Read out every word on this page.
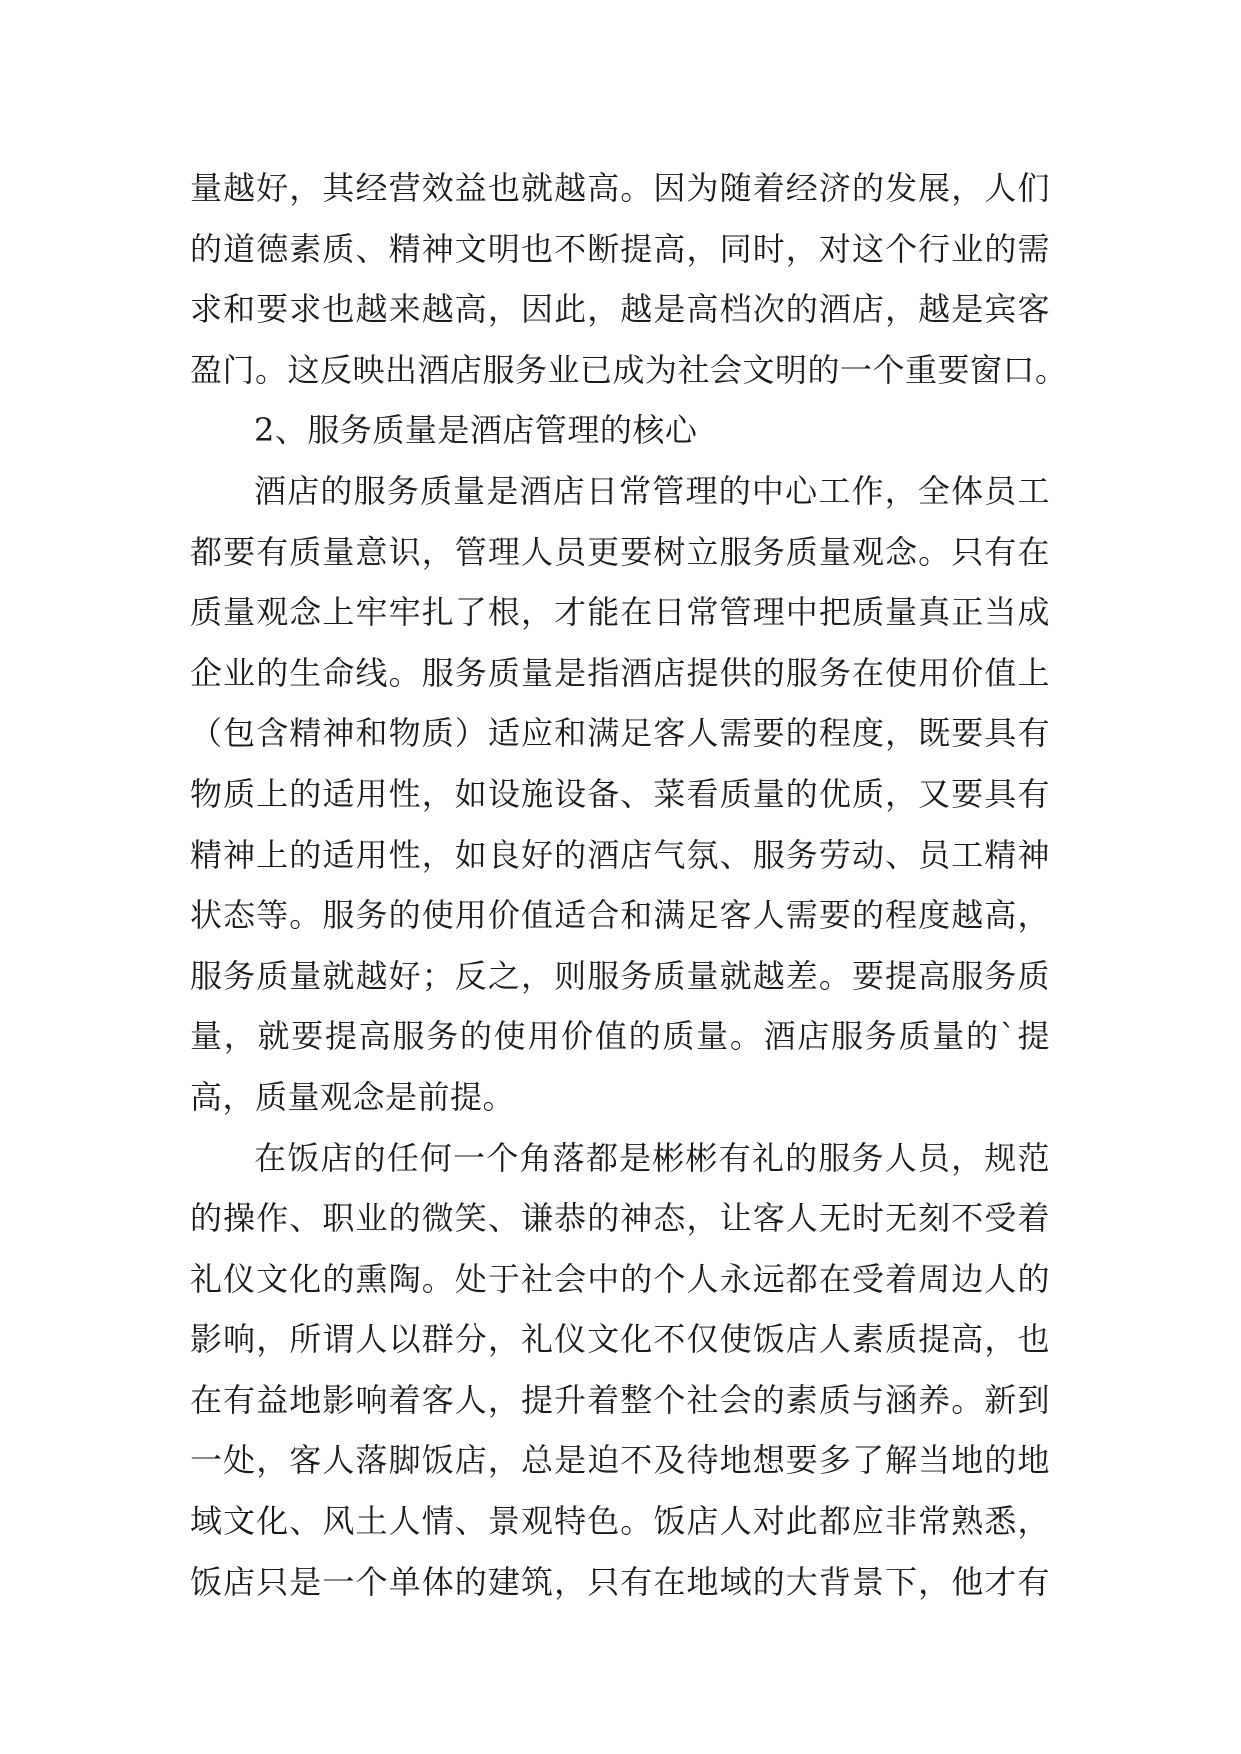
量越好，其经营效益也就越高。因为随着经济的发展，人们
的道德素质、精神文明也不断提高，同时，对这个行业的需
求和要求也越来越高，因此，越是高档次的酒店，越是宾客
盈门。这反映出酒店服务业已成为社会文明的一个重要窗口。
2、服务质量是酒店管理的核心
酒店的服务质量是酒店日常管理的中心工作，全体员工
都要有质量意识，管理人员更要树立服务质量观念。只有在
质量观念上牢牢扎了根，才能在日常管理中把质量真正当成
企业的生命线。服务质量是指酒店提供的服务在使用价值上
（包含精神和物质）适应和满足客人需要的程度，既要具有
物质上的适用性，如设施设备、菜看质量的优质，又要具有
精神上的适用性，如良好的酒店气氛、服务劳动、员工精神
状态等。服务的使用价值适合和满足客人需要的程度越高，
服务质量就越好；反之，则服务质量就越差。要提高服务质
量，就要提高服务的使用价值的质量。酒店服务质量的`提
高，质量观念是前提。
在饭店的任何一个角落都是彬彬有礼的服务人员，规范
的操作、职业的微笑、谦恭的神态，让客人无时无刻不受着
礼仪文化的熏陶。处于社会中的个人永远都在受着周边人的
影响，所谓人以群分，礼仪文化不仅使饭店人素质提高，也
在有益地影响着客人，提升着整个社会的素质与涵养。新到
一处，客人落脚饭店，总是迫不及待地想要多了解当地的地
域文化、风土人情、景观特色。饭店人对此都应非常熟悉，
饭店只是一个单体的建筑，只有在地域的大背景下，他才有
